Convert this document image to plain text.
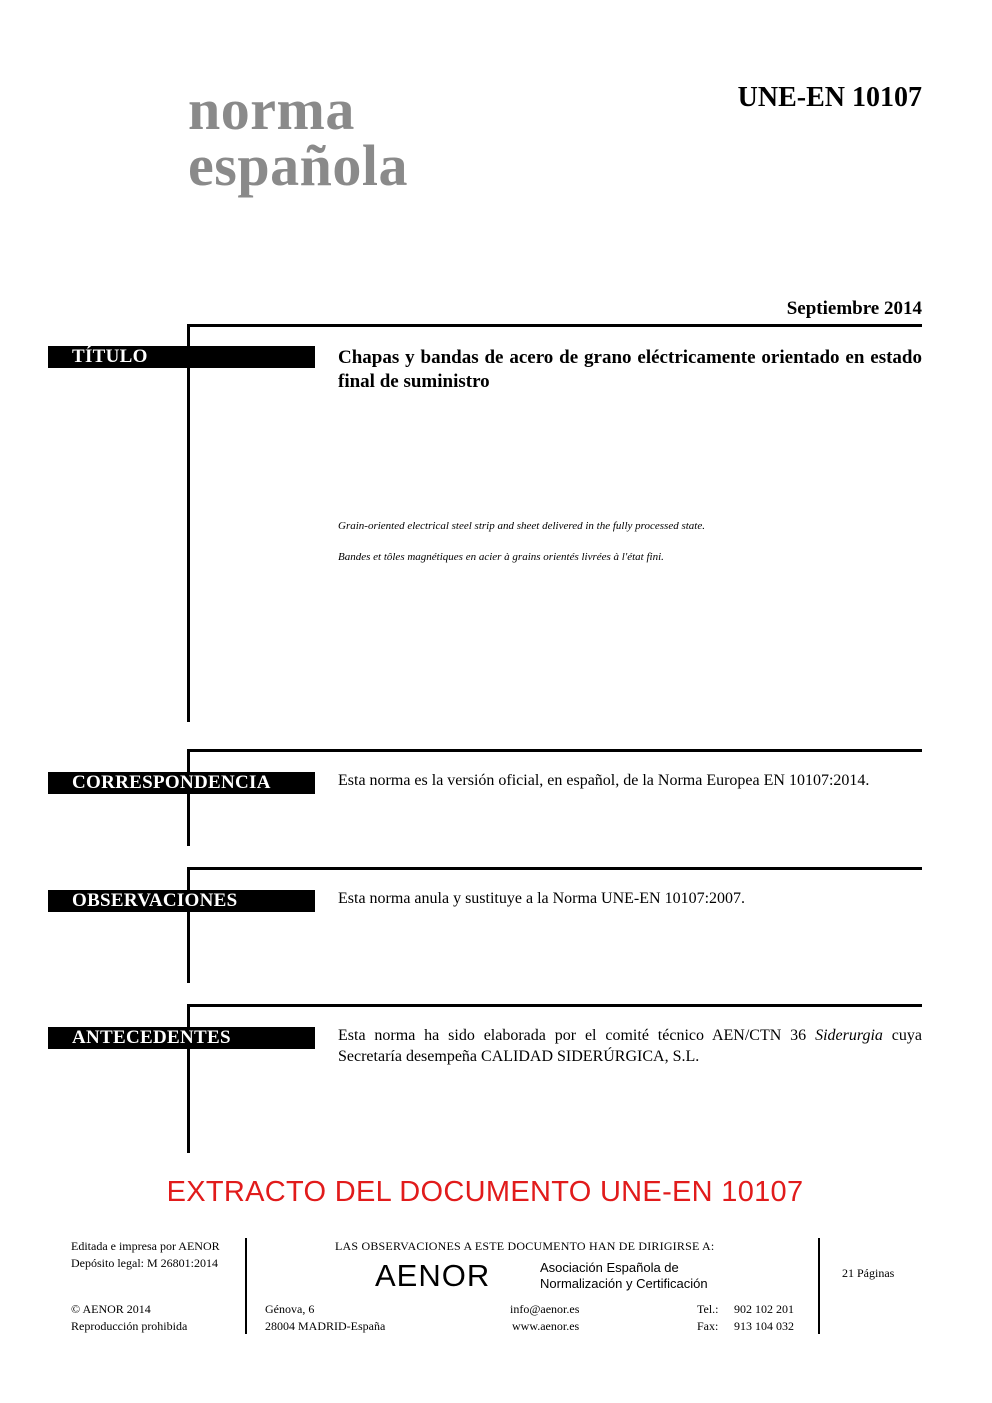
norma
española
UNE-EN 10107
Septiembre 2014
TÍTULO	Chapas y bandas de acero de grano eléctricamente orientado en estado final de suministro
Grain-oriented electrical steel strip and sheet delivered in the fully processed state.
Bandes et tôles magnétiques en acier à grains orientés livrées à l'état fini.
CORRESPONDENCIA	Esta norma es la versión oficial, en español, de la Norma Europea EN 10107:2014.
OBSERVACIONES	Esta norma anula y sustituye a la Norma UNE-EN 10107:2007.
ANTECEDENTES	Esta norma ha sido elaborada por el comité técnico AEN/CTN 36 Siderurgia cuya Secretaría desempeña CALIDAD SIDERÚRGICA, S.L.
EXTRACTO DEL DOCUMENTO UNE-EN 10107
Editada e impresa por AENOR
Depósito legal: M 26801:2014
© AENOR 2014
Reproducción prohibida
LAS OBSERVACIONES A ESTE DOCUMENTO HAN DE DIRIGIRSE A:
AENOR	Asociación Española de
Normalización y Certificación
Génova, 6
28004 MADRID-España
info@aenor.es
www.aenor.es
Tel.: 902 102 201
Fax: 913 104 032
21 Páginas
